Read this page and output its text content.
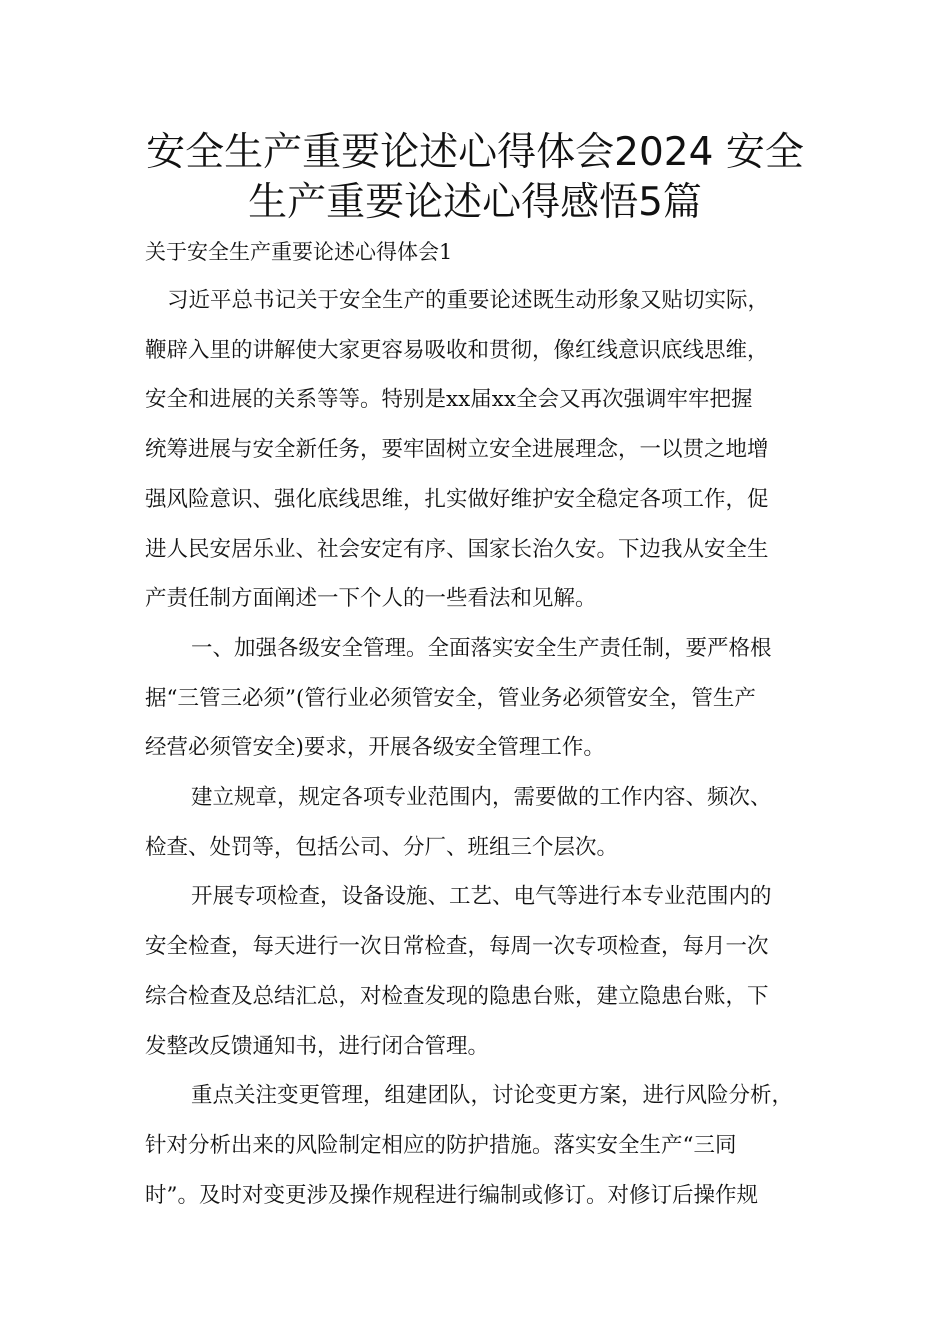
安全生产重要论述心得体会2024 安全
生产重要论述心得感悟5篇

关于安全生产重要论述心得体会1

习近平总书记关于安全生产的重要论述既生动形象又贴切实际，

鞭辟入里的讲解使大家更容易吸收和贯彻，像红线意识底线思维，

安全和进展的关系等等。特别是xx届xx全会又再次强调牢牢把握

统筹进展与安全新任务，要牢固树立安全进展理念，一以贯之地增

强风险意识、强化底线思维，扎实做好维护安全稳定各项工作，促

进人民安居乐业、社会安定有序、国家长治久安。下边我从安全生

产责任制方面阐述一下个人的一些看法和见解。

一、加强各级安全管理。全面落实安全生产责任制，要严格根

据“三管三必须”(管行业必须管安全，管业务必须管安全，管生产

经营必须管安全)要求，开展各级安全管理工作。

建立规章，规定各项专业范围内，需要做的工作内容、频次、

检查、处罚等，包括公司、分厂、班组三个层次。

开展专项检查，设备设施、工艺、电气等进行本专业范围内的

安全检查，每天进行一次日常检查，每周一次专项检查，每月一次

综合检查及总结汇总，对检查发现的隐患台账，建立隐患台账，下

发整改反馈通知书，进行闭合管理。

重点关注变更管理，组建团队，讨论变更方案，进行风险分析，

针对分析出来的风险制定相应的防护措施。落实安全生产“三同

时”。及时对变更涉及操作规程进行编制或修订。对修订后操作规
